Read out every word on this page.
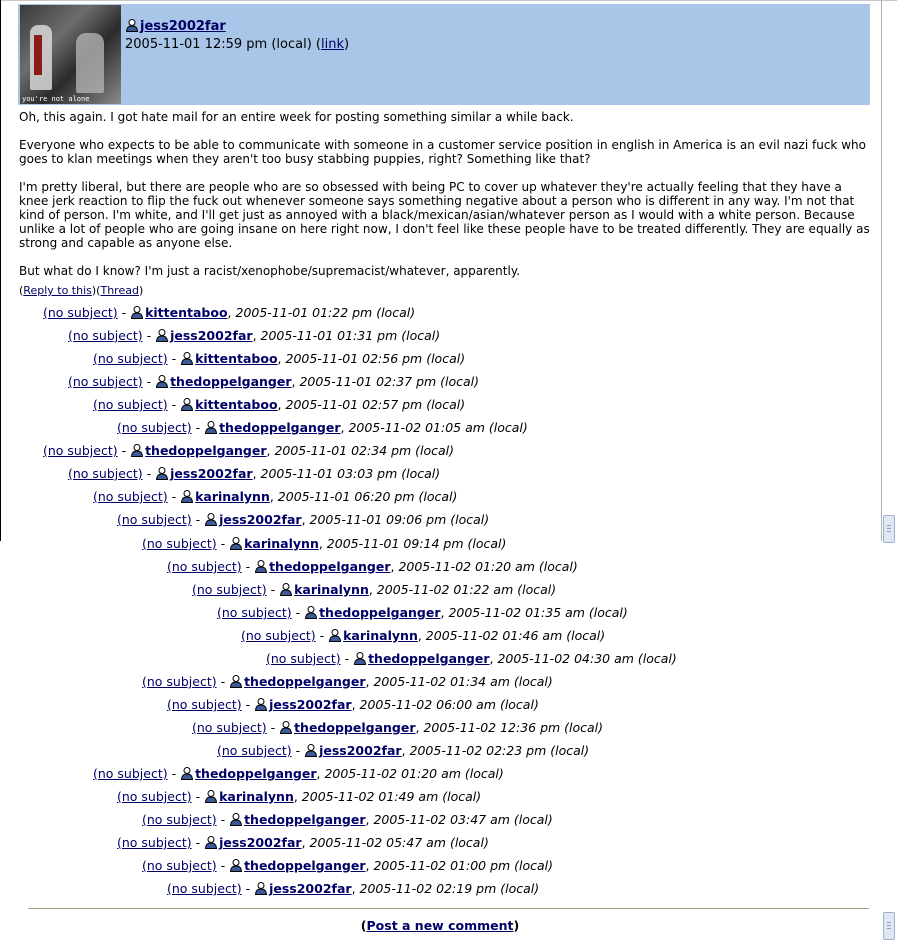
you're not alone
jess2002far
2005-11-01 12:59 pm (local) (link)

Oh, this again. I got hate mail for an entire week for posting something similar a while back.

Everyone who expects to be able to communicate with someone in a customer service position in english in America is an evil nazi fuck who goes to klan meetings when they aren't too busy stabbing puppies, right? Something like that?

I'm pretty liberal, but there are people who are so obsessed with being PC to cover up whatever they're actually feeling that they have a knee jerk reaction to flip the fuck out whenever someone says something negative about a person who is different in any way. I'm not that kind of person. I'm white, and I'll get just as annoyed with a black/mexican/asian/whatever person as I would with a white person. Because unlike a lot of people who are going insane on here right now, I don't feel like these people have to be treated differently. They are equally as strong and capable as anyone else.

But what do I know? I'm just a racist/xenophobe/supremacist/whatever, apparently.

(Reply to this)(Thread)
(no subject) - kittentaboo, 2005-11-01 01:22 pm (local)
(no subject) - jess2002far, 2005-11-01 01:31 pm (local)
(no subject) - kittentaboo, 2005-11-01 02:56 pm (local)
(no subject) - thedoppelganger, 2005-11-01 02:37 pm (local)
(no subject) - kittentaboo, 2005-11-01 02:57 pm (local)
(no subject) - thedoppelganger, 2005-11-02 01:05 am (local)
(no subject) - thedoppelganger, 2005-11-01 02:34 pm (local)
(no subject) - jess2002far, 2005-11-01 03:03 pm (local)
(no subject) - karinalynn, 2005-11-01 06:20 pm (local)
(no subject) - jess2002far, 2005-11-01 09:06 pm (local)
(no subject) - karinalynn, 2005-11-01 09:14 pm (local)
(no subject) - thedoppelganger, 2005-11-02 01:20 am (local)
(no subject) - karinalynn, 2005-11-02 01:22 am (local)
(no subject) - thedoppelganger, 2005-11-02 01:35 am (local)
(no subject) - karinalynn, 2005-11-02 01:46 am (local)
(no subject) - thedoppelganger, 2005-11-02 04:30 am (local)
(no subject) - thedoppelganger, 2005-11-02 01:34 am (local)
(no subject) - jess2002far, 2005-11-02 06:00 am (local)
(no subject) - thedoppelganger, 2005-11-02 12:36 pm (local)
(no subject) - jess2002far, 2005-11-02 02:23 pm (local)
(no subject) - thedoppelganger, 2005-11-02 01:20 am (local)
(no subject) - karinalynn, 2005-11-02 01:49 am (local)
(no subject) - thedoppelganger, 2005-11-02 03:47 am (local)
(no subject) - jess2002far, 2005-11-02 05:47 am (local)
(no subject) - thedoppelganger, 2005-11-02 01:00 pm (local)
(no subject) - jess2002far, 2005-11-02 02:19 pm (local)
(Post a new comment)
